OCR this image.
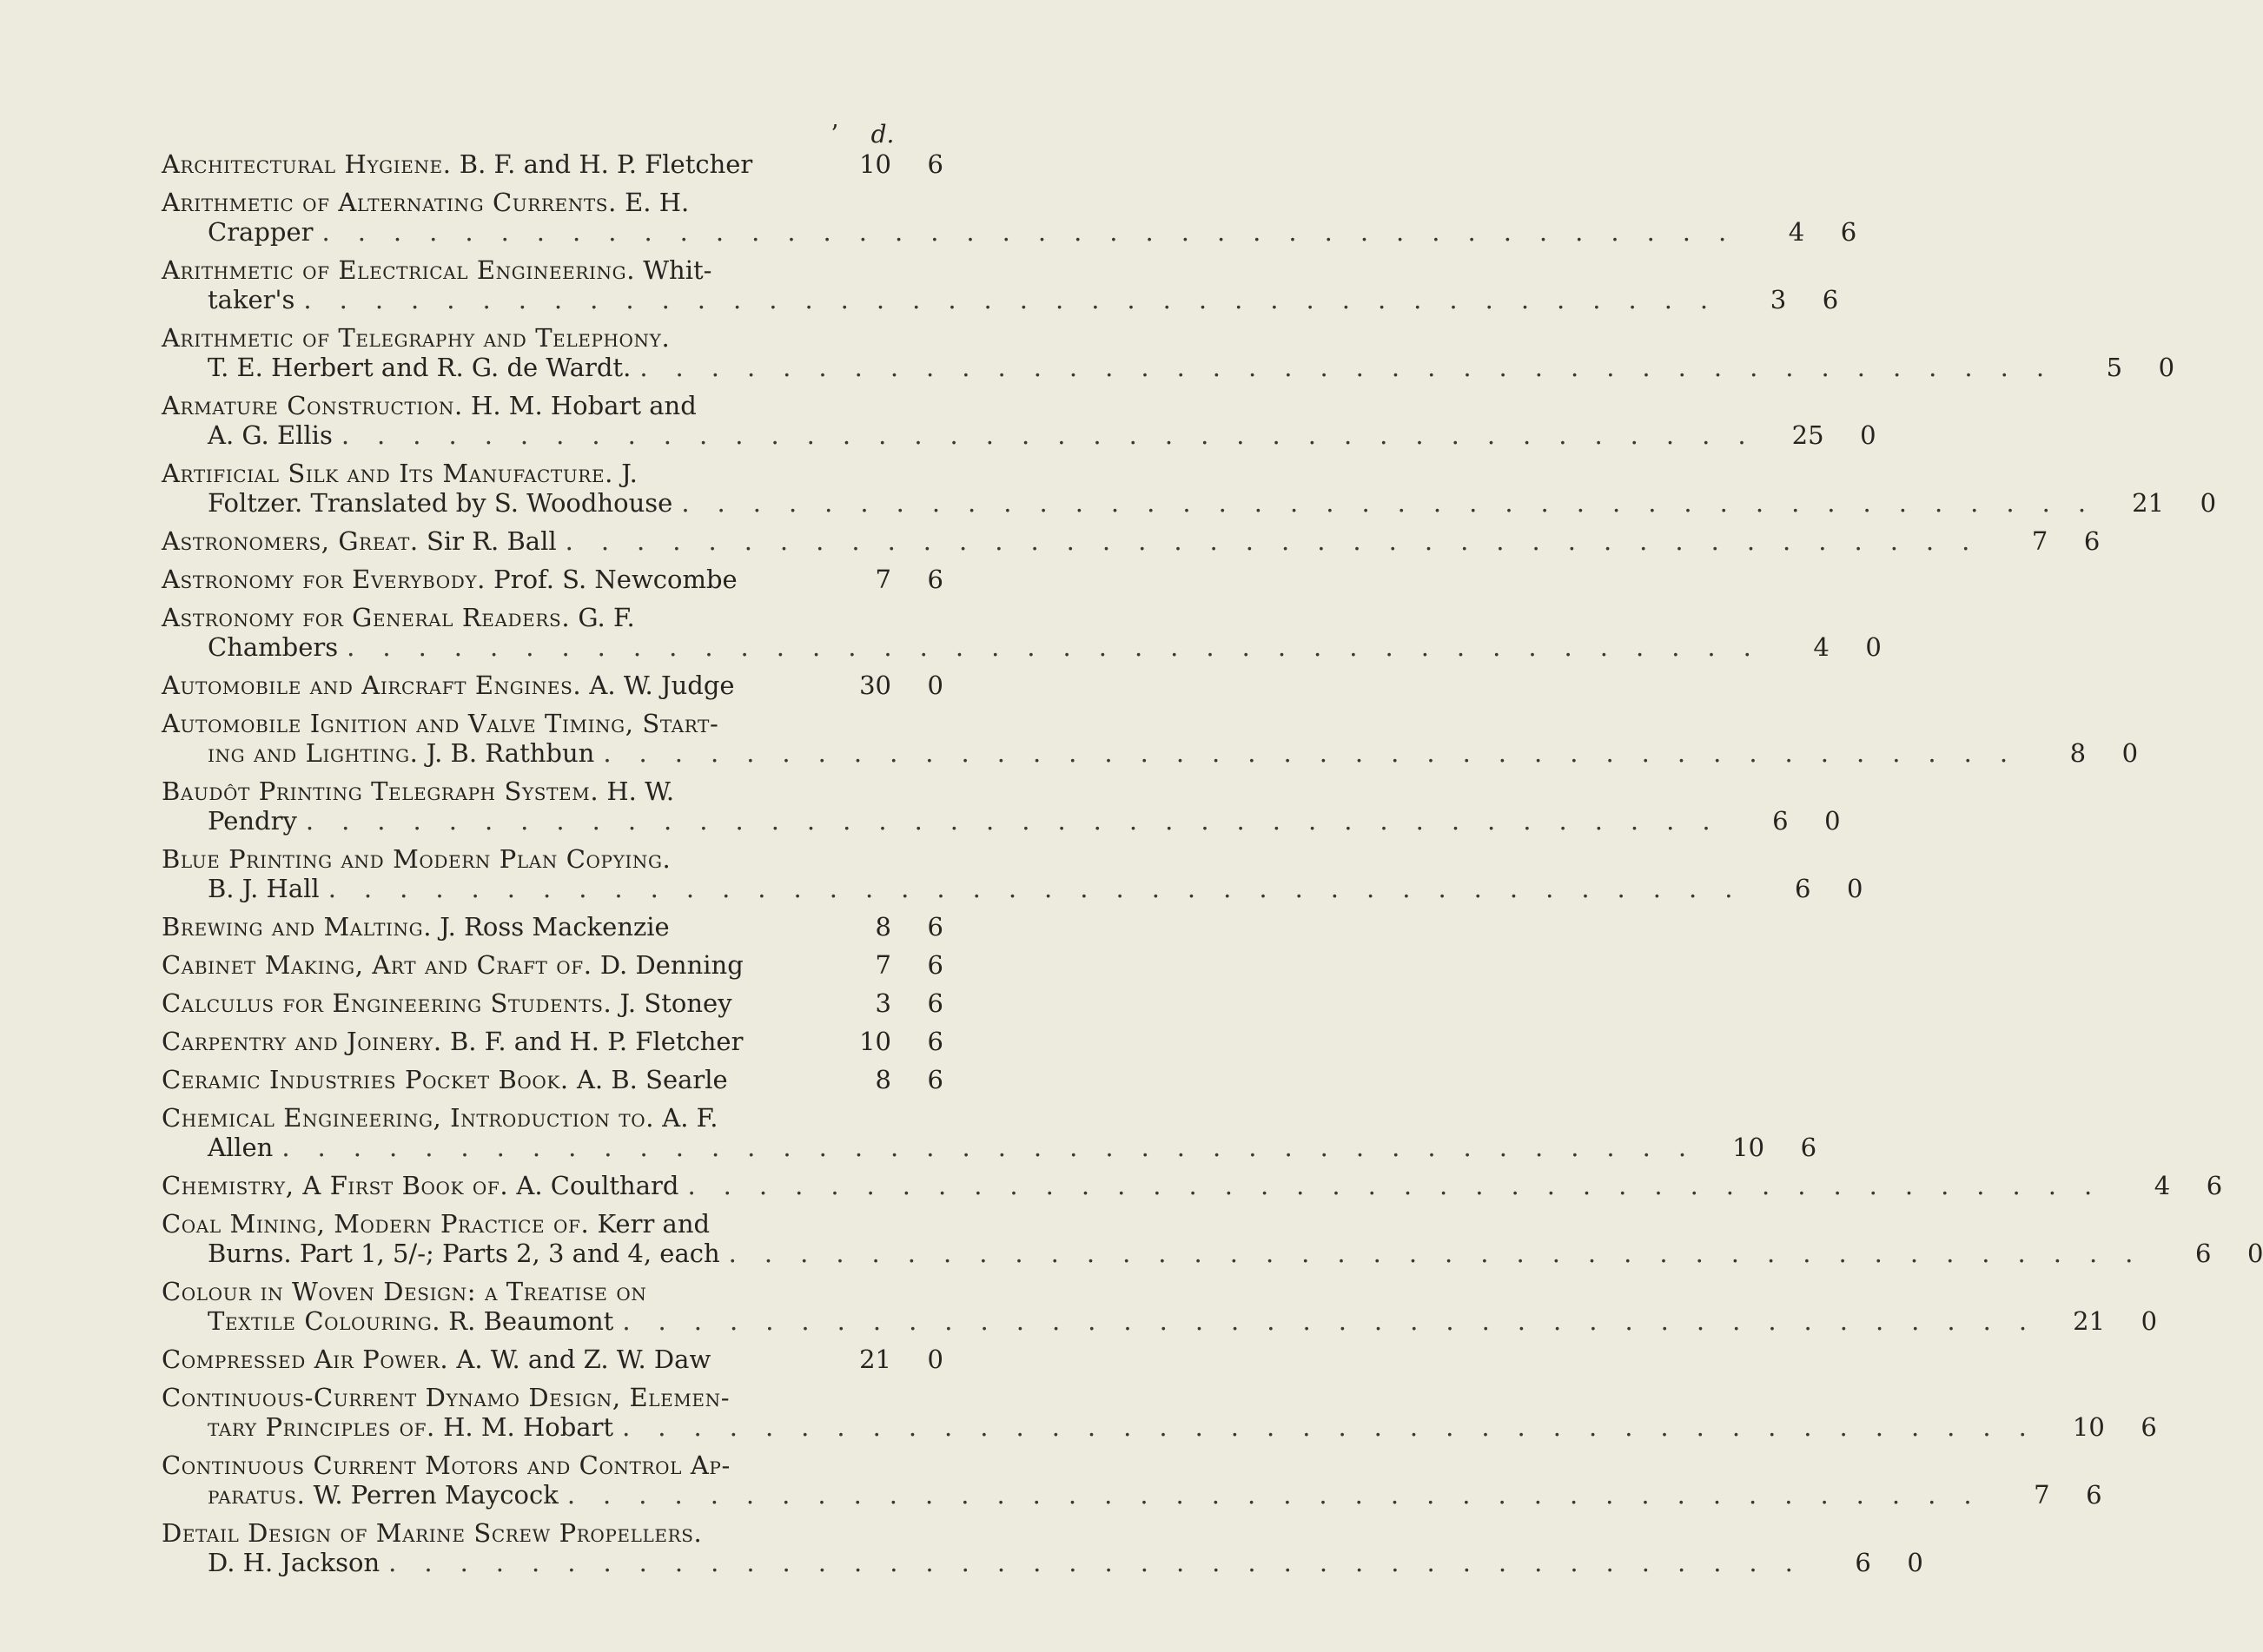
ʼ d.
Architectural Hygiene. B. F. and H. P. Fletcher	10	6
Arithmetic of Alternating Currents. E. H.
Crapper ........................................	4	6
Arithmetic of Electrical Engineering. Whit-
taker's ........................................	3	6
Arithmetic of Telegraphy and Telephony.
T. E. Herbert and R. G. de Wardt. ........................................	5	0
Armature Construction. H. M. Hobart and
A. G. Ellis ........................................ 25	0
Artificial Silk and Its Manufacture. J.
Foltzer. Translated by S. Woodhouse ........................................ 21	0
Astronomers, Great. Sir R. Ball ........................................	7	6
Astronomy for Everybody. Prof. S. Newcombe	7	6
Astronomy for General Readers. G. F.
Chambers ........................................	4	0
Automobile and Aircraft Engines. A. W. Judge	30	0
Automobile Ignition and Valve Timing, Start-
ing and Lighting. J. B. Rathbun ........................................	8	0
Baudôt Printing Telegraph System. H. W.
Pendry ........................................	6	0
Blue Printing and Modern Plan Copying.
B. J. Hall ........................................	6	0
Brewing and Malting. J. Ross Mackenzie	8	6
Cabinet Making, Art and Craft of. D. Denning	7	6
Calculus for Engineering Students. J. Stoney	3	6
Carpentry and Joinery. B. F. and H. P. Fletcher	10	6
Ceramic Industries Pocket Book. A. B. Searle	8	6
Chemical Engineering, Introduction to. A. F.
Allen ........................................ 10	6
Chemistry, A First Book of. A. Coulthard ........................................	4	6
Coal Mining, Modern Practice of. Kerr and
Burns. Part 1, 5/-; Parts 2, 3 and 4, each ........................................	6	0
Colour in Woven Design: a Treatise on
Textile Colouring. R. Beaumont ........................................ 21	0
Compressed Air Power. A. W. and Z. W. Daw	21	0
Continuous-Current Dynamo Design, Elemen-
tary Principles of. H. M. Hobart ........................................ 10	6
Continuous Current Motors and Control Ap-
paratus. W. Perren Maycock ........................................	7	6
Detail Design of Marine Screw Propellers.
D. H. Jackson ........................................	6	0
